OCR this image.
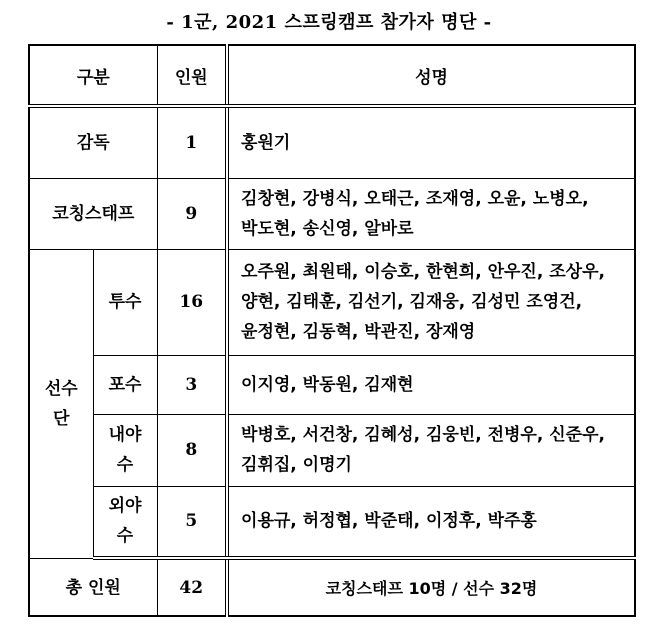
- 1군, 2021 스프링캠프 참가자 명단 -
구분		인원	성명
감독		1	홍원기
코칭스태프		9	김창현, 강병식, 오태근, 조재영, 오윤, 노병오, 박도현, 송신영, 알바로
선수단	투수	16	오주원, 최원태, 이승호, 한현희, 안우진, 조상우, 양현, 김태훈, 김선기, 김재웅, 김성민 조영건, 윤정현, 김동혁, 박관진, 장재영
	포수	3	이지영, 박동원, 김재현
	내야수	8	박병호, 서건창, 김혜성, 김웅빈, 전병우, 신준우, 김휘집, 이명기
	외야수	5	이용규, 허정협, 박준태, 이정후, 박주홍
총 인원		42	코칭스태프 10명 / 선수 32명
